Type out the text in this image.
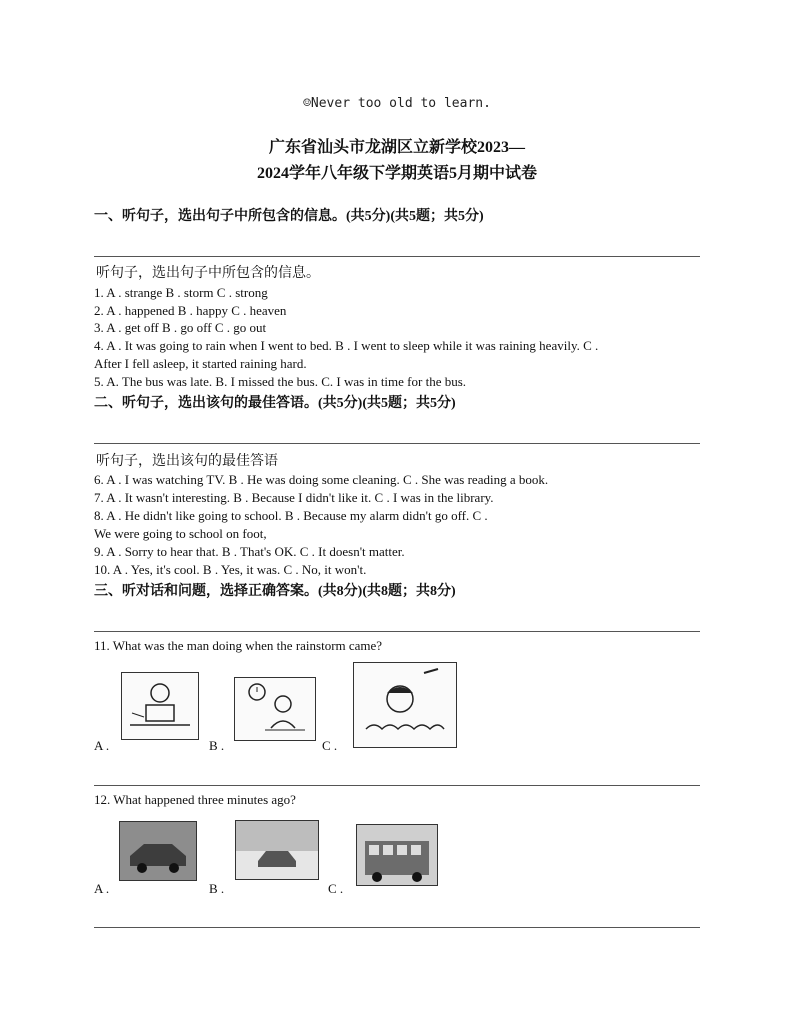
☺Never too old to learn.
广东省汕头市龙湖区立新学校2023—
2024学年八年级下学期英语5月期中试卷
一、听句子，选出句子中所包含的信息。(共5分)(共5题；共5分)
听句子，选出句子中所包含的信息。
1. A . strange B . storm C . strong
2. A . happened B . happy C . heaven
3. A . get off B . go off C . go out
4. A . It was going to rain when I went to bed. B . I went to sleep while it was raining heavily. C .
After I fell asleep, it started raining hard.
5. A. The bus was late. B. I missed the bus. C. I was in time for the bus.
二、听句子，选出该句的最佳答语。(共5分)(共5题；共5分)
听句子，选出该句的最佳答语
6. A . I was watching TV. B . He was doing some cleaning. C . She was reading a book.
7. A . It wasn't interesting. B . Because I didn't like it. C . I was in the library.
8. A . He didn't like going to school. B . Because my alarm didn't go off. C .
We were going to school on foot,
9. A . Sorry to hear that. B . That's OK. C . It doesn't matter.
10. A . Yes, it's cool. B . Yes, it was. C . No, it won't.
三、听对话和问题，选择正确答案。(共8分)(共8题；共8分)
11. What was the man doing when the rainstorm came?
A .	B .	C .
12. What happened three minutes ago?
A .	B .	C .
